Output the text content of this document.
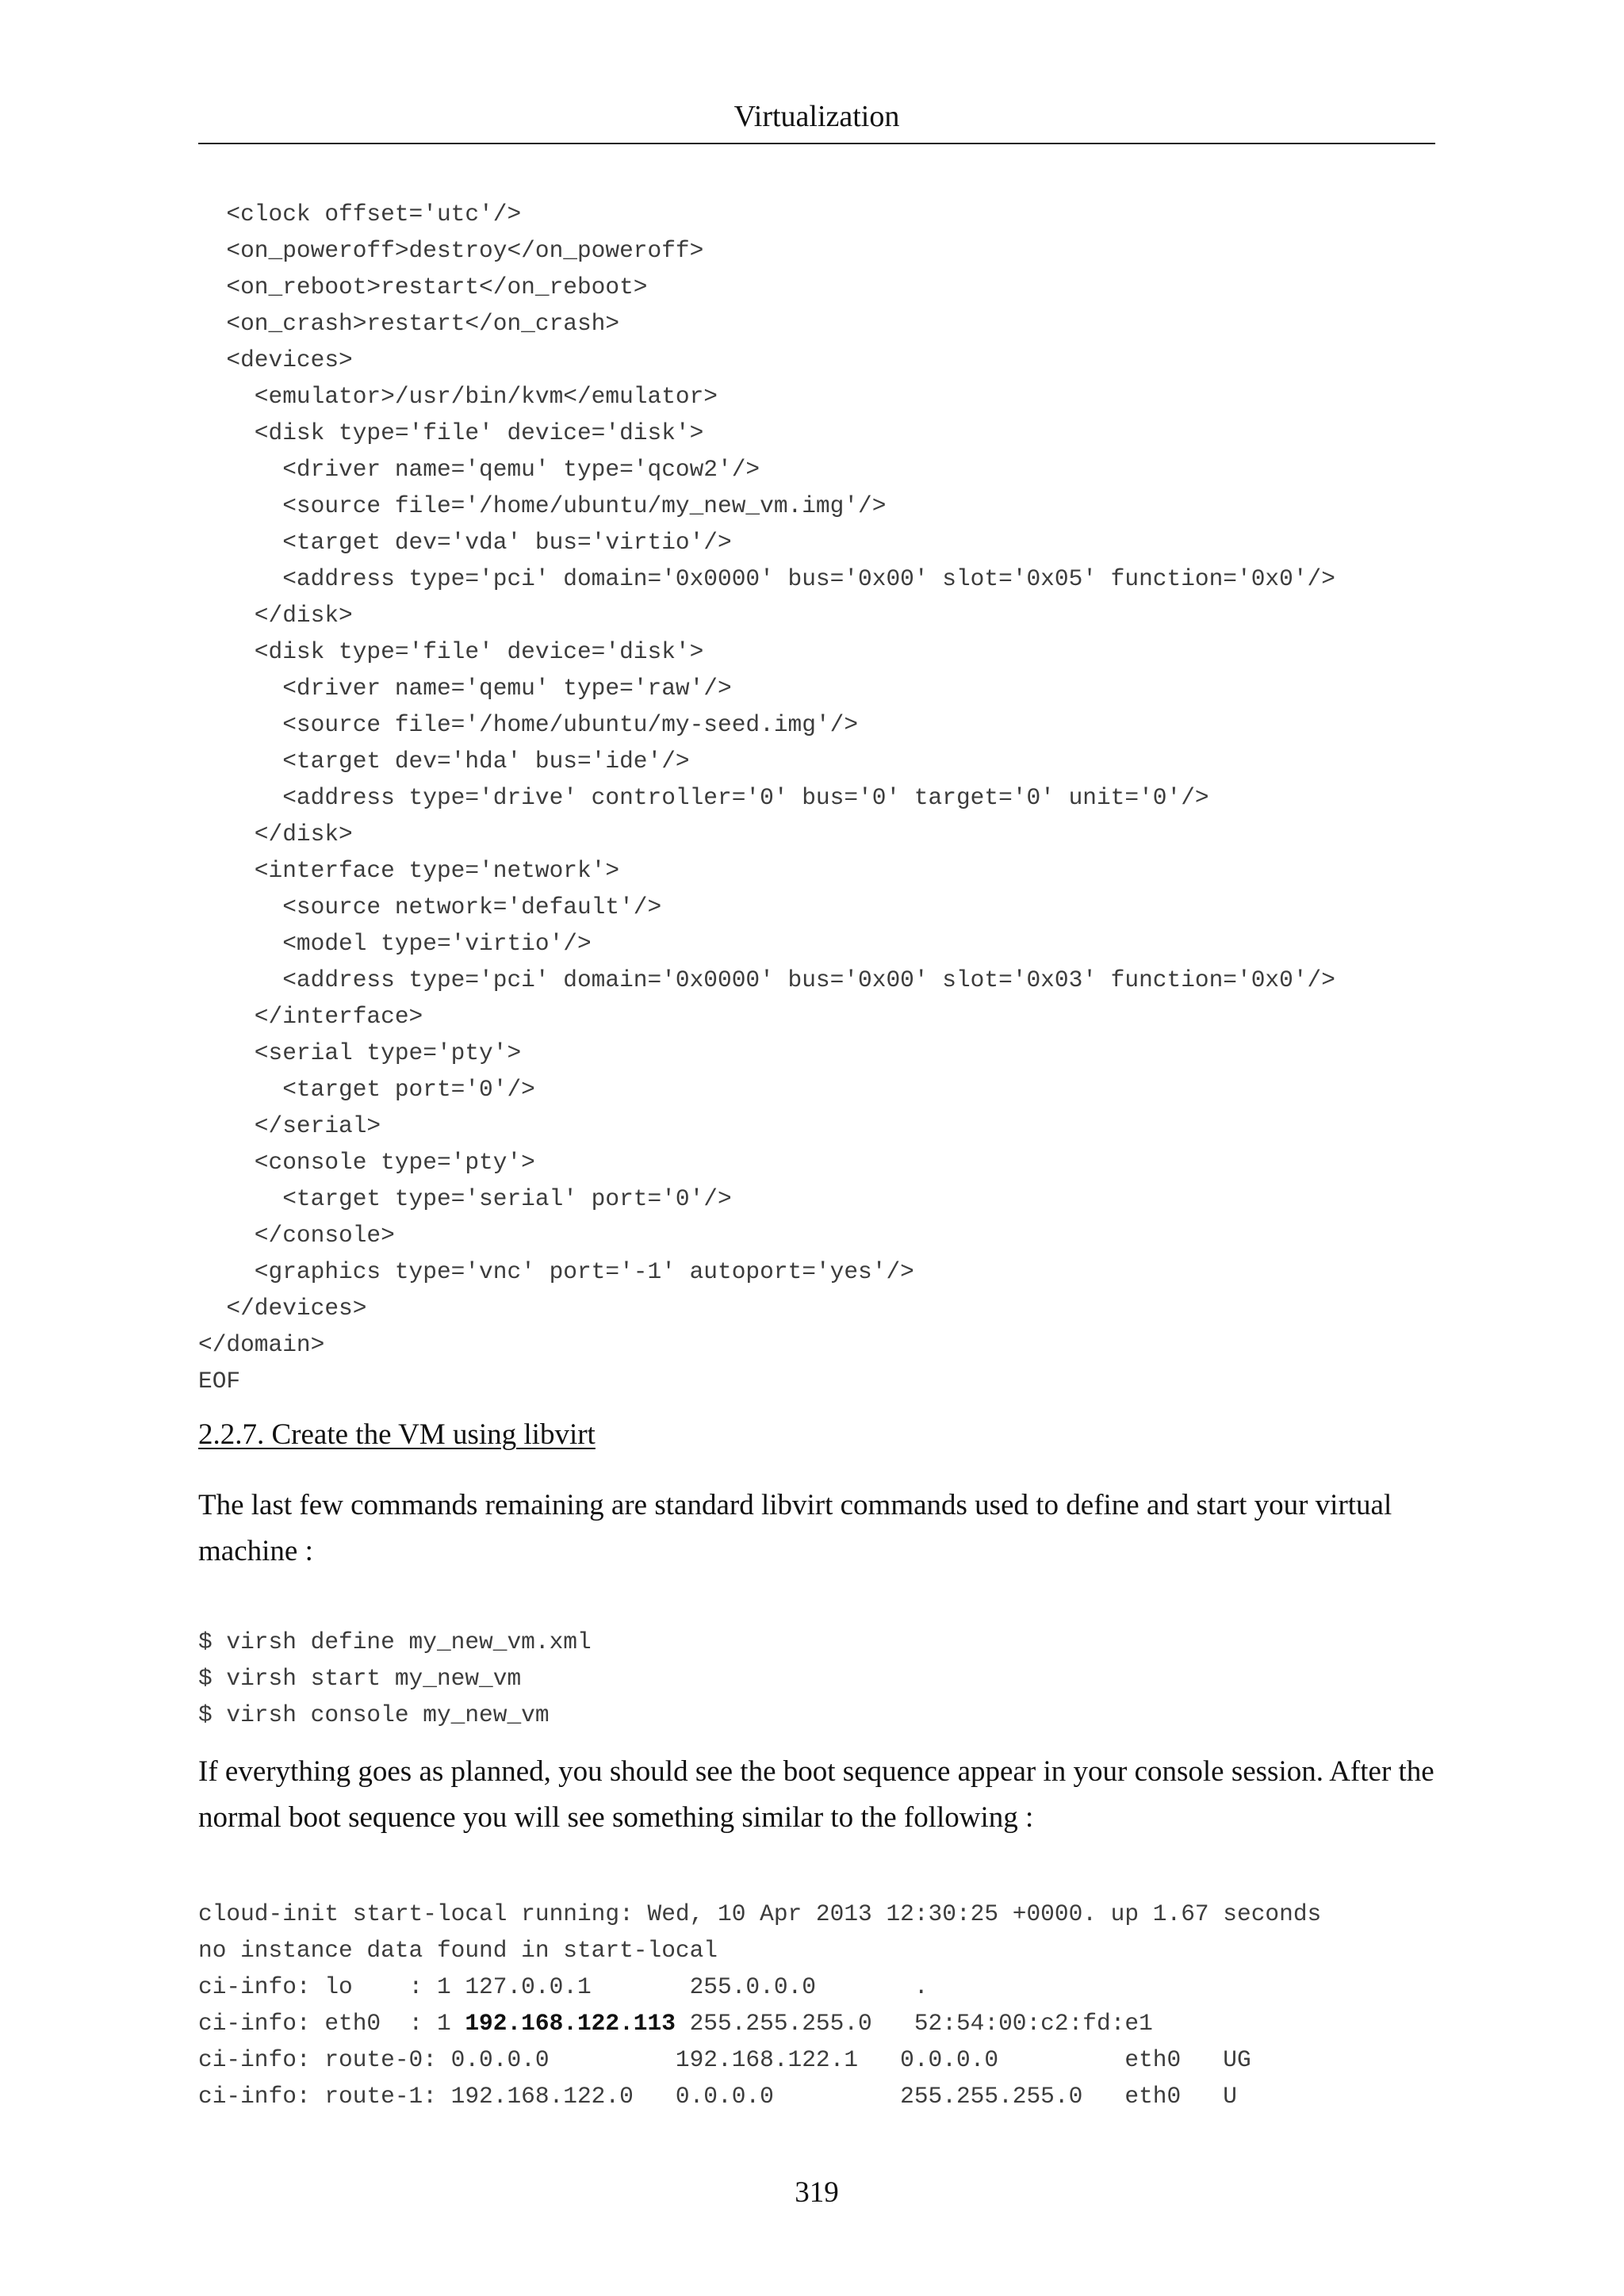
Virtualization
<clock offset='utc'/>
<on_poweroff>destroy</on_poweroff>
<on_reboot>restart</on_reboot>
<on_crash>restart</on_crash>
<devices>
<emulator>/usr/bin/kvm</emulator>
<disk type='file' device='disk'>
<driver name='qemu' type='qcow2'/>
<source file='/home/ubuntu/my_new_vm.img'/>
<target dev='vda' bus='virtio'/>
<address type='pci' domain='0x0000' bus='0x00' slot='0x05' function='0x0'/>
</disk>
<disk type='file' device='disk'>
<driver name='qemu' type='raw'/>
<source file='/home/ubuntu/my-seed.img'/>
<target dev='hda' bus='ide'/>
<address type='drive' controller='0' bus='0' target='0' unit='0'/>
</disk>
<interface type='network'>
<source network='default'/>
<model type='virtio'/>
<address type='pci' domain='0x0000' bus='0x00' slot='0x03' function='0x0'/>
</interface>
<serial type='pty'>
<target port='0'/>
</serial>
<console type='pty'>
<target type='serial' port='0'/>
</console>
<graphics type='vnc' port='-1' autoport='yes'/>
</devices>
</domain>
EOF
2.2.7. Create the VM using libvirt

The last few commands remaining are standard libvirt commands used to define and start your virtual machine :

$ virsh define my_new_vm.xml
$ virsh start my_new_vm
$ virsh console my_new_vm

If everything goes as planned, you should see the boot sequence appear in your console session. After the normal boot sequence you will see something similar to the following :

cloud-init start-local running: Wed, 10 Apr 2013 12:30:25 +0000. up 1.67 seconds
no instance data found in start-local
ci-info: lo    : 1 127.0.0.1       255.0.0.0       .
ci-info: eth0  : 1 192.168.122.113 255.255.255.0   52:54:00:c2:fd:e1
ci-info: route-0: 0.0.0.0         192.168.122.1   0.0.0.0         eth0   UG
ci-info: route-1: 192.168.122.0   0.0.0.0         255.255.255.0   eth0   U
319
